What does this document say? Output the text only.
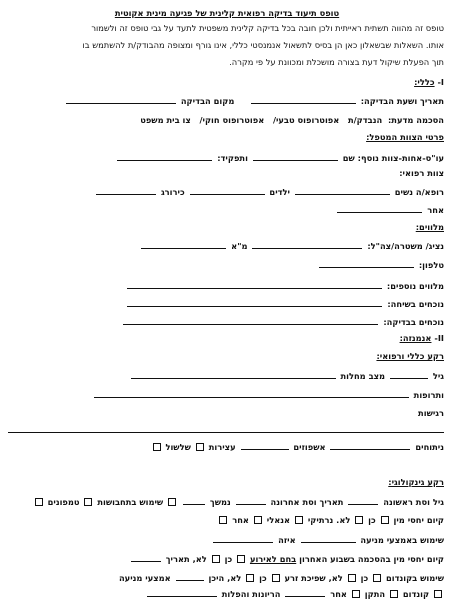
טופס תיעוד בדיקה רפואית קלינית של פגיעה מינית אקוטית
טופס זה מהווה תשתית ראייתית ולכן חובה בכל בדיקה קלינית משפטית לתעד על גבי טופס זה ולשמור
אותו. השאלות שבשאלון כאן הן בסיס לתשאול אנמנסטי כללי, אינו גורף ומצופה מהבודק/ת להשתמש בו
תוך הפעלת שיקול דעת בצורה מושכלת ומכוונת על פי מקרה.
I- כללי:
תאריך ושעת הבדיקה:      מקום הבדיקה
הסכמה מדעת:  הנבדק/ת   אפוטרופוס טבעי/   אפוטרופוס חוקי/   צו בית משפט
פרטי הצוות המטפל:
עו"ס-אחות-צוות נוסף: שם  ותפקיד:
צוות רפואי:
רופא/ה נשים  ילדים  כירורג
אחר
מלווים:
נציג/ משטרה/צה"ל:  מ"א
טלפון:
מלווים נוספים:
נוכחים בשיחה:
נוכחים בבדיקה:
II- אנמנזה:
רקע כללי ורפואי:
גיל  מצב מחלות
ותרופות
רגישות
ניתוחים  אשפוזים  עצירות  שלשול
רקע גינקולוגי:
גיל וסת ראשונה  תאריך וסת אחרונה  נמשך   שימוש בתחבושות  טמפונים
קיום יחסי מין  כן  לא. נרתיקי  אנאלי  אחר
שימוש באמצעי מניעה  איזה
קיום יחסי מין בהסכמה בשבוע האחרון בחם לאירוע  כן  לא, תאריך
שימוש בקונדום  כן  לא, שפיכת זרע  כן  לא, היכן  אמצעי מניעה
קונדום  התקן  אחר  הריונות והפלות
